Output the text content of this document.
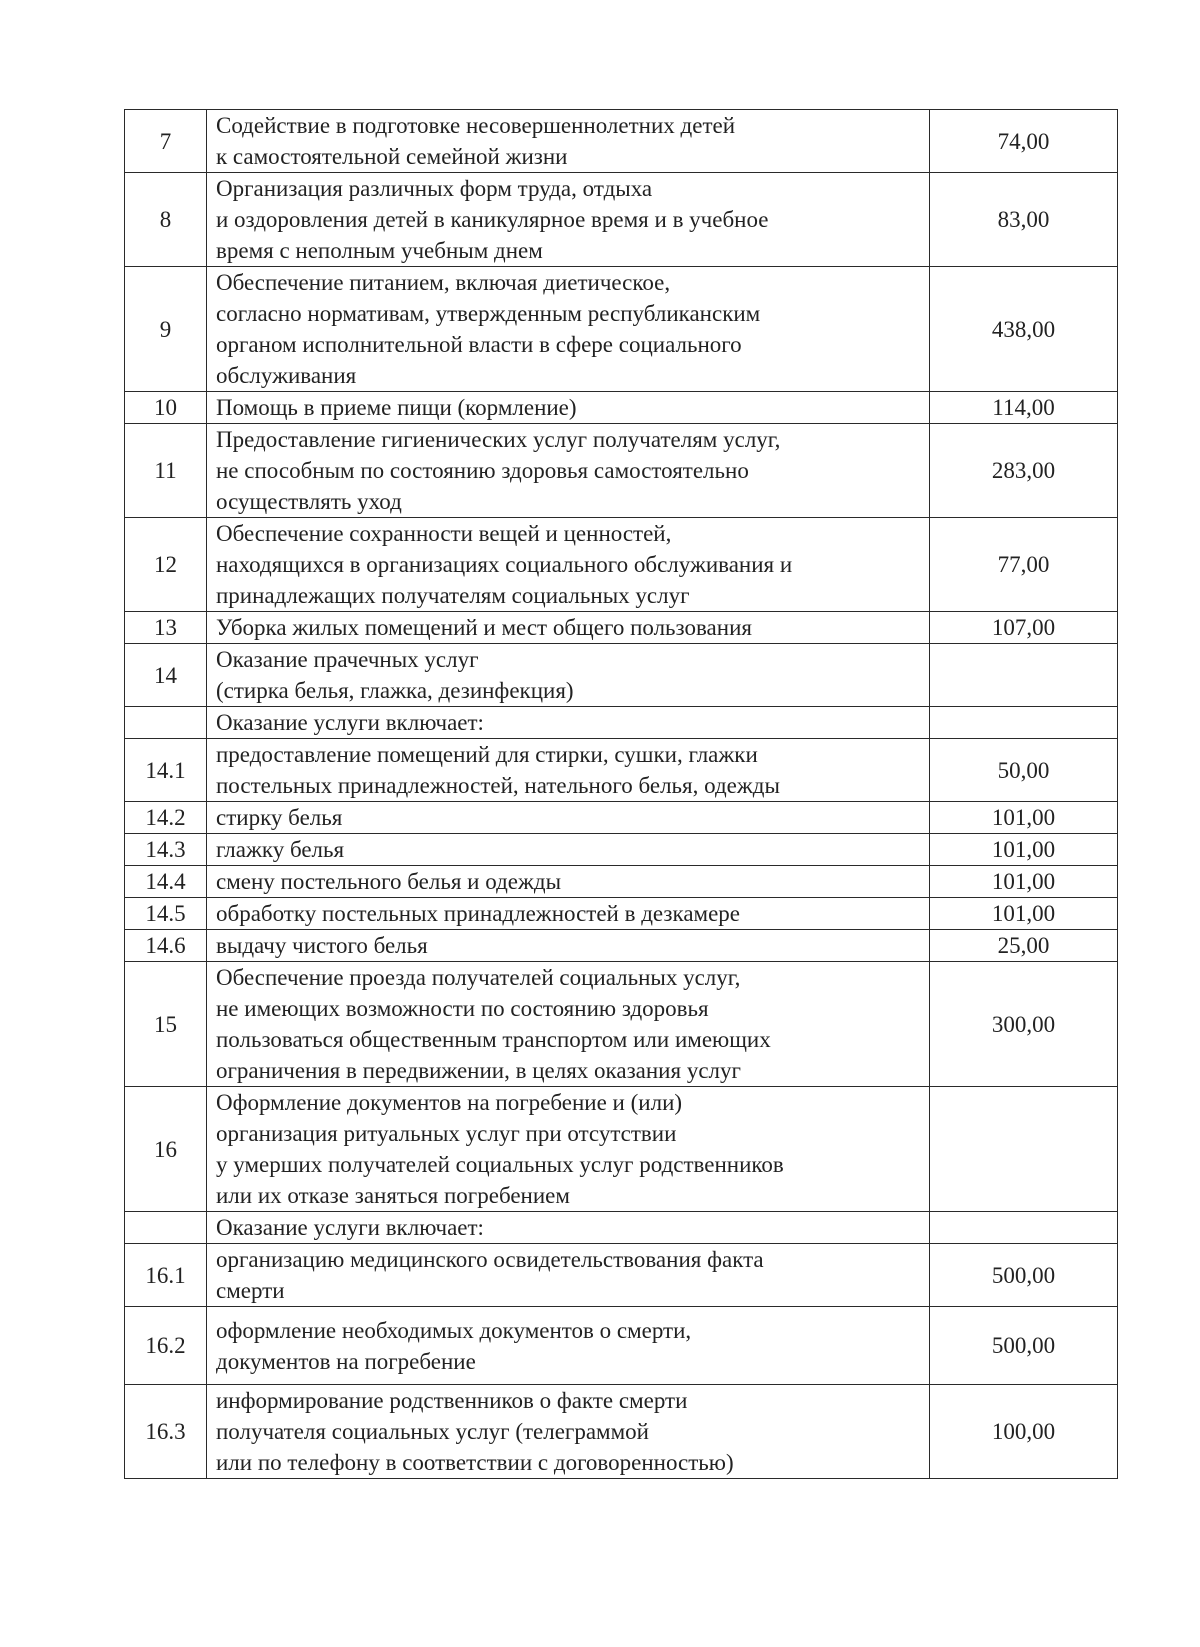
7	Содействие в подготовке несовершеннолетних детей
к самостоятельной семейной жизни	74,00
8	Организация различных форм труда, отдыха
и оздоровления детей в каникулярное время и в учебное
время с неполным учебным днем	83,00
9	Обеспечение питанием, включая диетическое,
согласно нормативам, утвержденным республиканским
органом исполнительной власти в сфере социального
обслуживания	438,00
10	Помощь в приеме пищи (кормление)	114,00
11	Предоставление гигиенических услуг получателям услуг,
не способным по состоянию здоровья самостоятельно
осуществлять уход	283,00
12	Обеспечение сохранности вещей и ценностей,
находящихся в организациях социального обслуживания и
принадлежащих получателям социальных услуг	77,00
13	Уборка жилых помещений и мест общего пользования	107,00
14	Оказание прачечных услуг
(стирка белья, глажка, дезинфекция)	

	Оказание услуги включает:	

14.1	предоставление помещений для стирки, сушки, глажки
постельных принадлежностей, нательного белья, одежды	50,00
14.2	стирку белья	101,00
14.3	глажку белья	101,00
14.4	смену постельного белья и одежды	101,00
14.5	обработку постельных принадлежностей в дезкамере	101,00
14.6	выдачу чистого белья	25,00
15	Обеспечение проезда получателей социальных услуг,
не имеющих возможности по состоянию здоровья
пользоваться общественным транспортом или имеющих
ограничения в передвижении, в целях оказания услуг	300,00
16	Оформление документов на погребение и (или)
организация ритуальных услуг при отсутствии
у умерших получателей социальных услуг родственников
или их отказе заняться погребением	

	Оказание услуги включает:	

16.1	организацию медицинского освидетельствования факта
смерти	500,00
16.2	оформление необходимых документов о смерти,
документов на погребение	500,00
16.3	информирование родственников о факте смерти
получателя социальных услуг (телеграммой
или по телефону в соответствии с договоренностью)	100,00
